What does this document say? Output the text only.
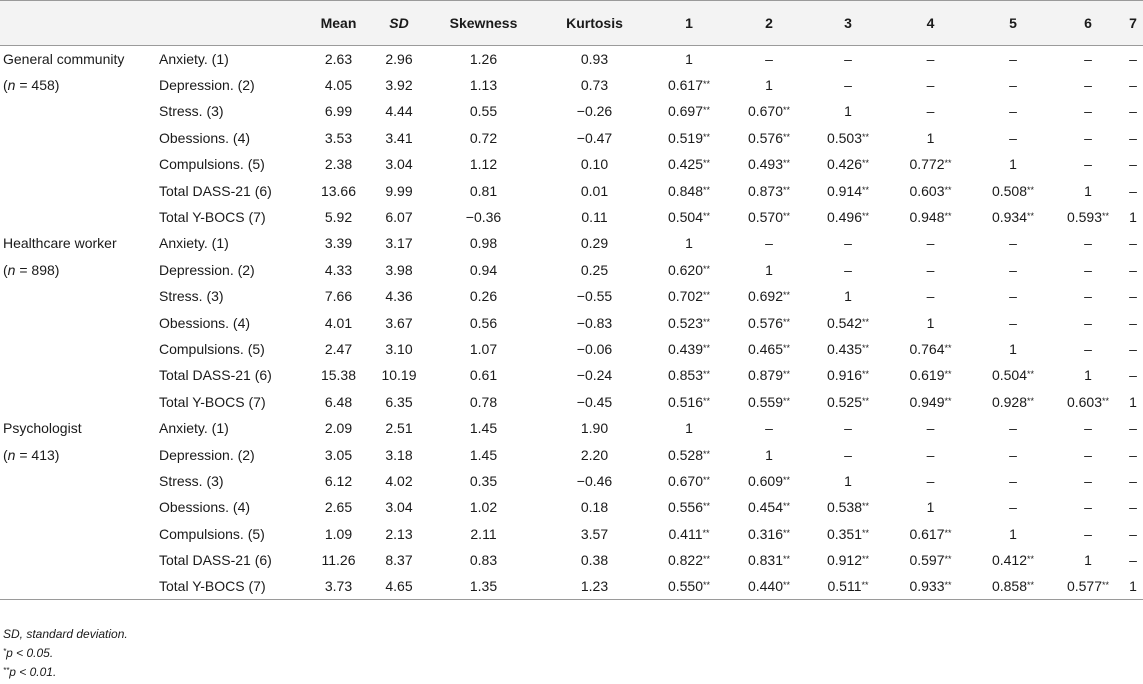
		Mean	SD	Skewness	Kurtosis	1	2	3	4	5	6	7
General community	Anxiety. (1)	2.63	2.96	1.26	0.93	1	–	–	–	–	–	–
(n = 458)	Depression. (2)	4.05	3.92	1.13	0.73	0.617**	1	–	–	–	–	–
	Stress. (3)	6.99	4.44	0.55	−0.26	0.697**	0.670**	1	–	–	–	–
	Obessions. (4)	3.53	3.41	0.72	−0.47	0.519**	0.576**	0.503**	1	–	–	–
	Compulsions. (5)	2.38	3.04	1.12	0.10	0.425**	0.493**	0.426**	0.772**	1	–	–
	Total DASS-21 (6)	13.66	9.99	0.81	0.01	0.848**	0.873**	0.914**	0.603**	0.508**	1	–
	Total Y-BOCS (7)	5.92	6.07	−0.36	0.11	0.504**	0.570**	0.496**	0.948**	0.934**	0.593**	1
Healthcare worker	Anxiety. (1)	3.39	3.17	0.98	0.29	1	–	–	–	–	–	–
(n = 898)	Depression. (2)	4.33	3.98	0.94	0.25	0.620**	1	–	–	–	–	–
	Stress. (3)	7.66	4.36	0.26	−0.55	0.702**	0.692**	1	–	–	–	–
	Obessions. (4)	4.01	3.67	0.56	−0.83	0.523**	0.576**	0.542**	1	–	–	–
	Compulsions. (5)	2.47	3.10	1.07	−0.06	0.439**	0.465**	0.435**	0.764**	1	–	–
	Total DASS-21 (6)	15.38	10.19	0.61	−0.24	0.853**	0.879**	0.916**	0.619**	0.504**	1	–
	Total Y-BOCS (7)	6.48	6.35	0.78	−0.45	0.516**	0.559**	0.525**	0.949**	0.928**	0.603**	1
Psychologist	Anxiety. (1)	2.09	2.51	1.45	1.90	1	–	–	–	–	–	–
(n = 413)	Depression. (2)	3.05	3.18	1.45	2.20	0.528**	1	–	–	–	–	–
	Stress. (3)	6.12	4.02	0.35	−0.46	0.670**	0.609**	1	–	–	–	–
	Obessions. (4)	2.65	3.04	1.02	0.18	0.556**	0.454**	0.538**	1	–	–	–
	Compulsions. (5)	1.09	2.13	2.11	3.57	0.411**	0.316**	0.351**	0.617**	1	–	–
	Total DASS-21 (6)	11.26	8.37	0.83	0.38	0.822**	0.831**	0.912**	0.597**	0.412**	1	–
	Total Y-BOCS (7)	3.73	4.65	1.35	1.23	0.550**	0.440**	0.511**	0.933**	0.858**	0.577**	1
SD, standard deviation.
*p < 0.05.
**p < 0.01.
